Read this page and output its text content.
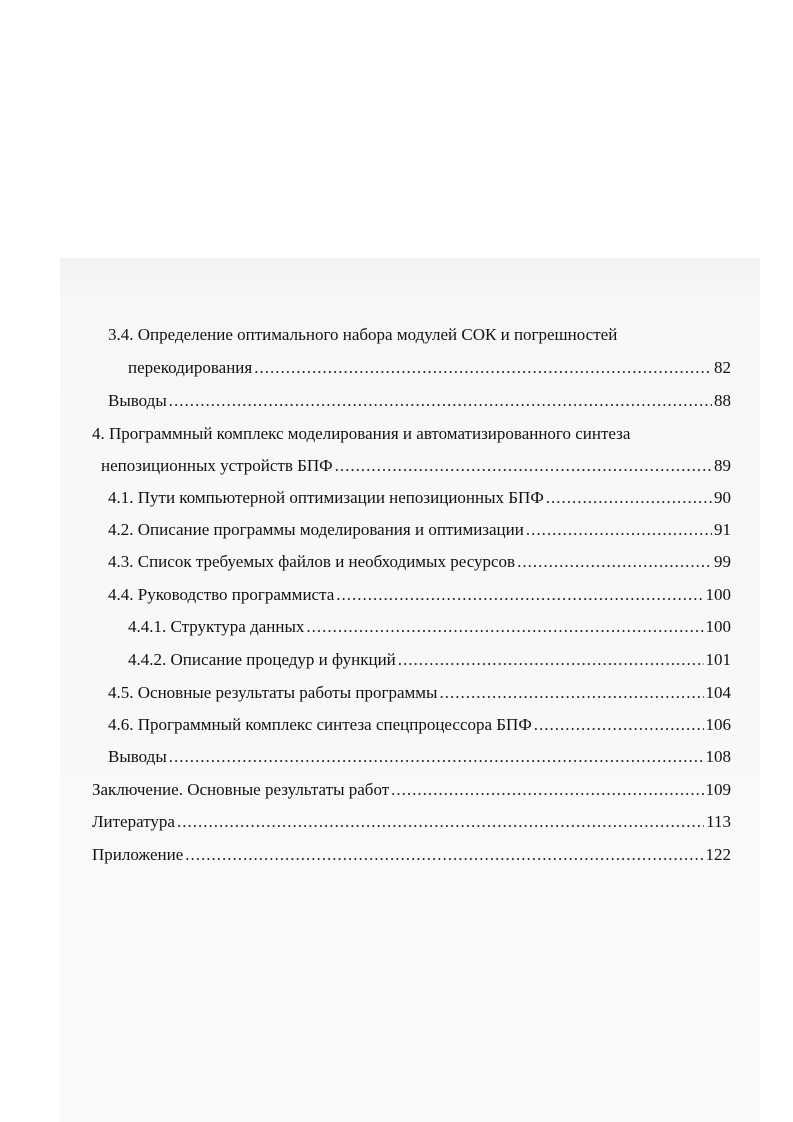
3.4. Определение оптимального набора модулей СОК и погрешностей
перекодирования .....	82
Выводы .....	88
4. Программный комплекс моделирования и автоматизированного синтеза
непозиционных устройств БПФ .....	89
4.1. Пути компьютерной оптимизации непозиционных БПФ .....	90
4.2. Описание программы моделирования и оптимизации .....	91
4.3. Список требуемых файлов и необходимых ресурсов .....	99
4.4. Руководство программиста .....	100
4.4.1. Структура данных .....	100
4.4.2. Описание процедур и функций .....	101
4.5. Основные результаты работы программы .....	104
4.6. Программный комплекс синтеза спецпроцессора БПФ .....	106
Выводы .....	108
Заключение. Основные результаты работ .....	109
Литература .....	113
Приложение .....	122
